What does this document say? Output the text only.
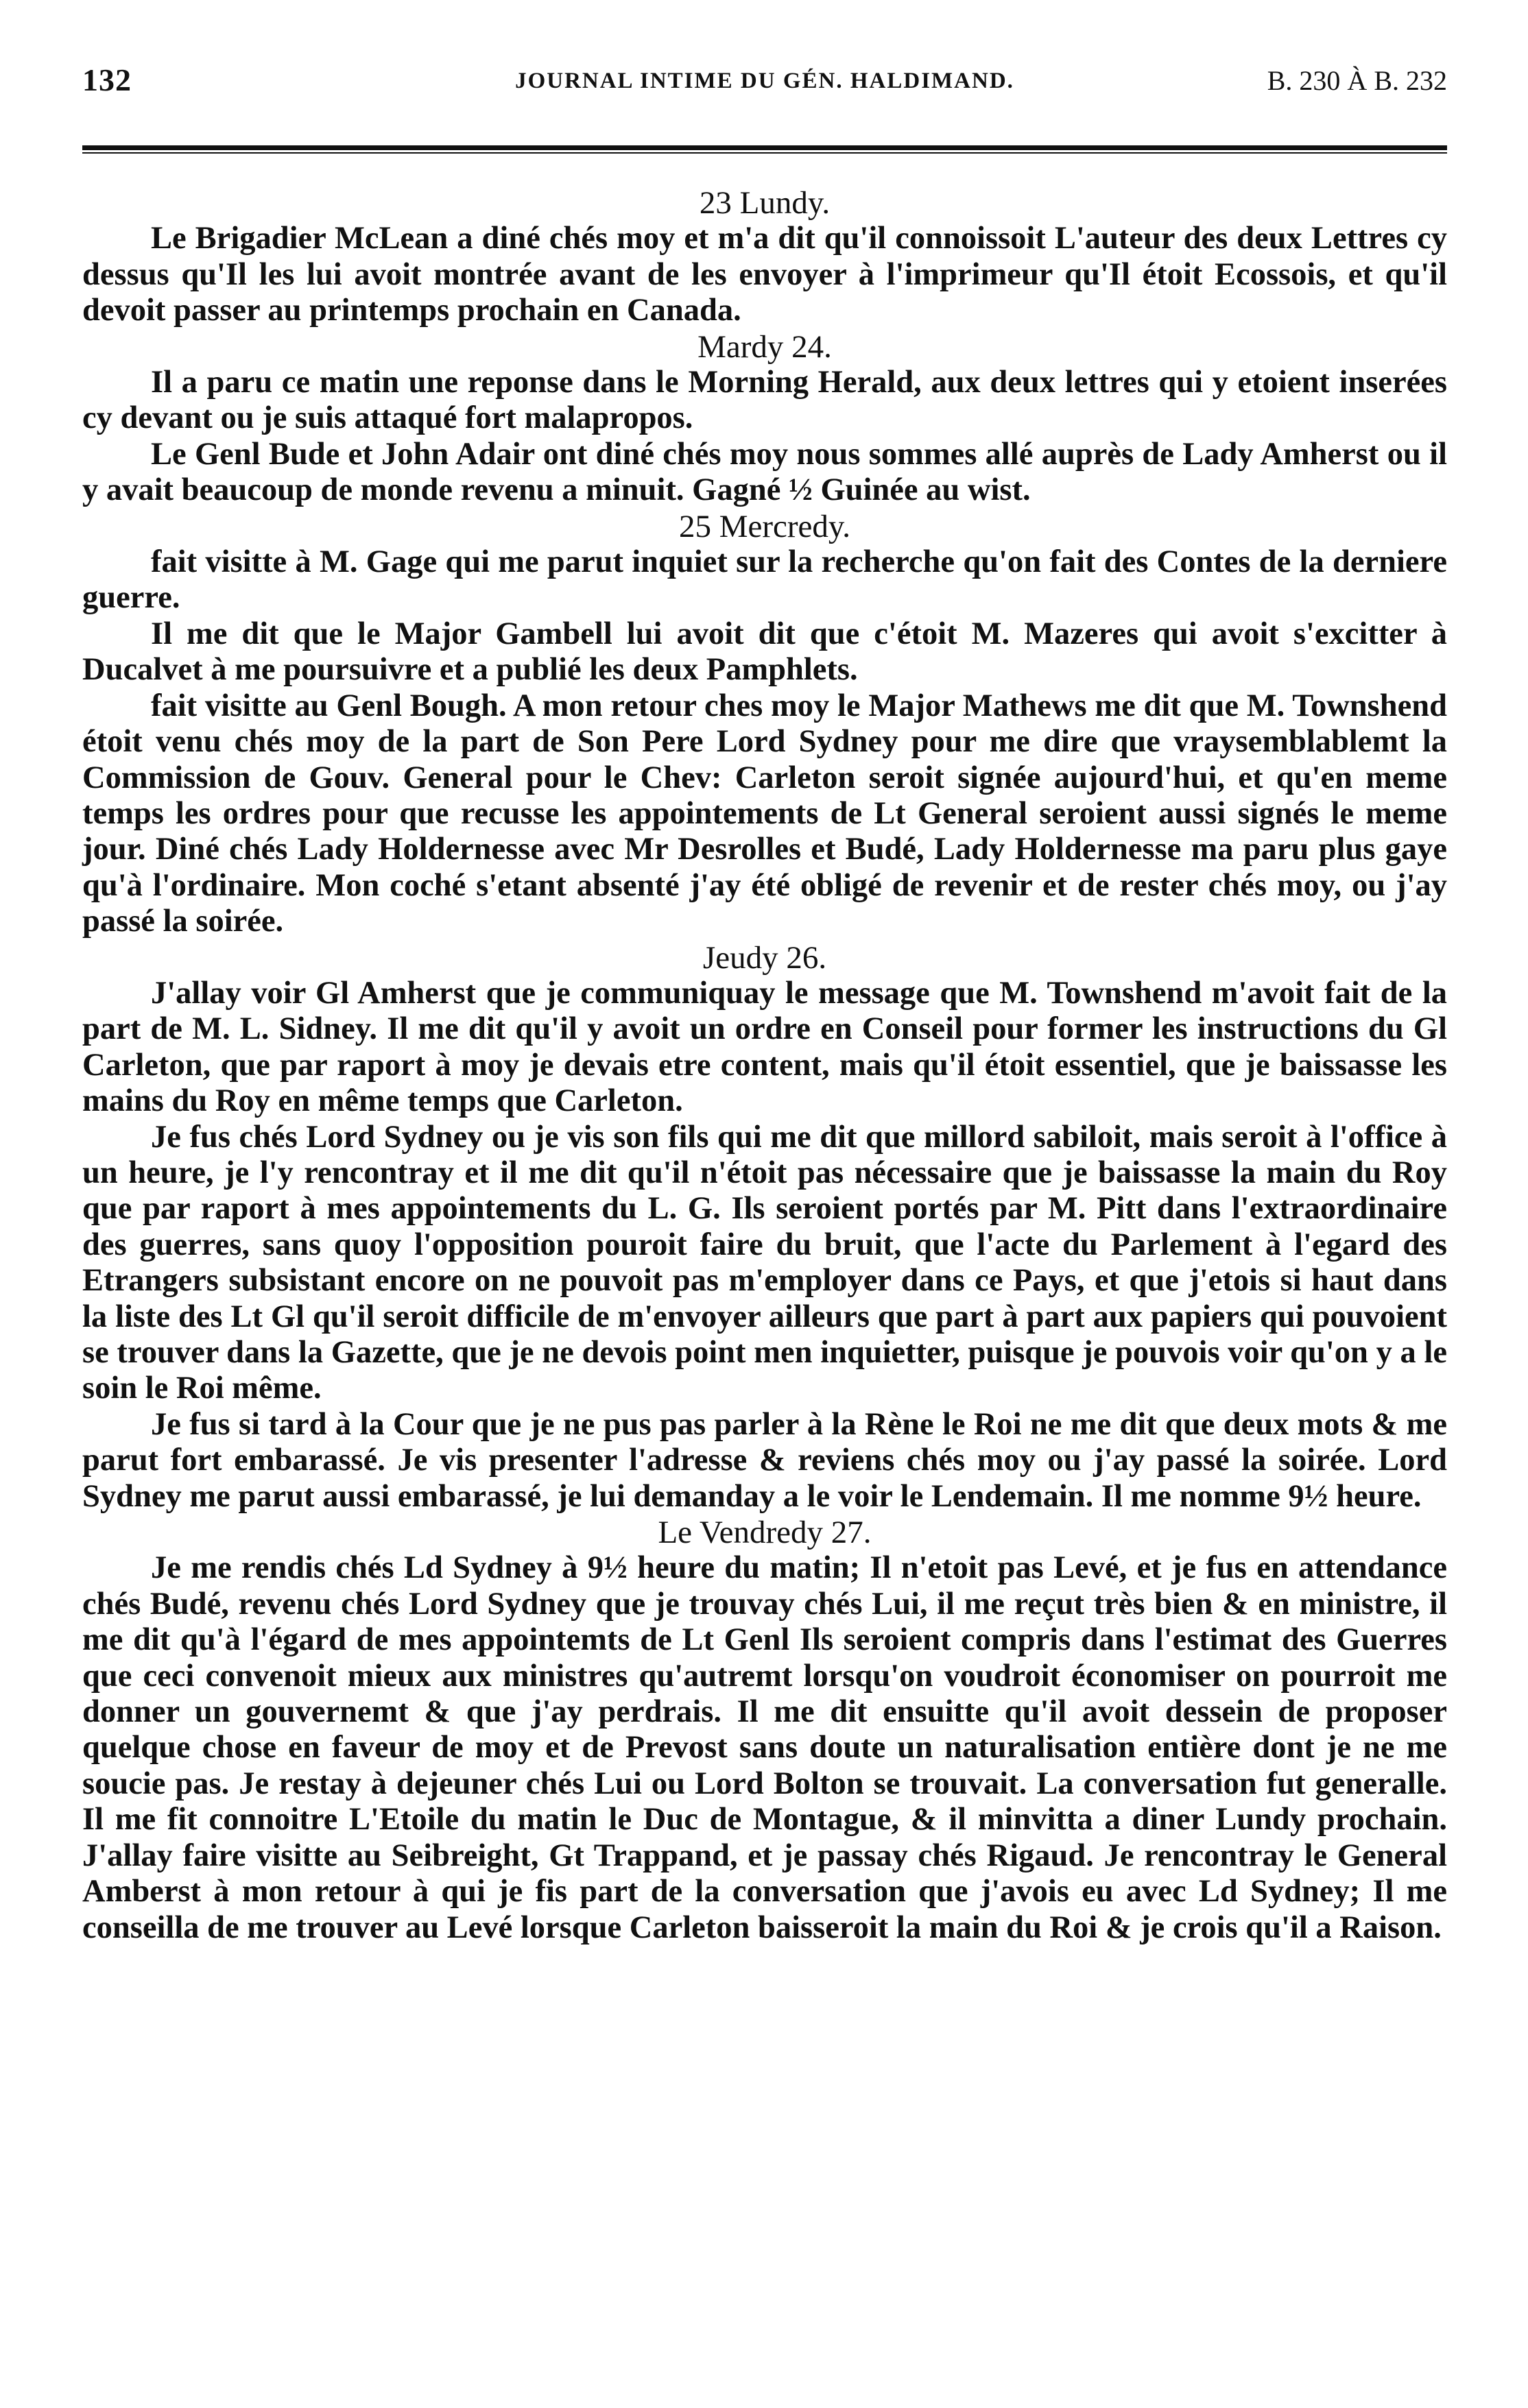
132	JOURNAL INTIME DU GÉN. HALDIMAND.	B. 230 À B. 232

23 Lundy.

Le Brigadier McLean a diné chés moy et m'a dit qu'il connoissoit L'auteur des deux Lettres cy dessus qu'Il les lui avoit montrée avant de les envoyer à l'imprimeur qu'Il étoit Ecossois, et qu'il devoit passer au printemps prochain en Canada.

Mardy 24.

Il a paru ce matin une reponse dans le Morning Herald, aux deux lettres qui y etoient inserées cy devant ou je suis attaqué fort malapropos.

Le Genl Bude et John Adair ont diné chés moy nous sommes allé auprès de Lady Amherst ou il y avait beaucoup de monde revenu a minuit. Gagné ½ Guinée au wist.

25 Mercredy.

fait visitte à M. Gage qui me parut inquiet sur la recherche qu'on fait des Contes de la derniere guerre.

Il me dit que le Major Gambell lui avoit dit que c'étoit M. Mazeres qui avoit s'excitter à Ducalvet à me poursuivre et a publié les deux Pamphlets.

fait visitte au Genl Bough. A mon retour ches moy le Major Mathews me dit que M. Townshend étoit venu chés moy de la part de Son Pere Lord Sydney pour me dire que vraysemblablemt la Commission de Gouv. General pour le Chev: Carleton seroit signée aujourd'hui, et qu'en meme temps les ordres pour que recusse les appointements de Lt General seroient aussi signés le meme jour. Diné chés Lady Holdernesse avec Mr Desrolles et Budé, Lady Holdernesse ma paru plus gaye qu'à l'ordinaire. Mon coché s'etant absenté j'ay été obligé de revenir et de rester chés moy, ou j'ay passé la soirée.

Jeudy 26.

J'allay voir Gl Amherst que je communiquay le message que M. Townshend m'avoit fait de la part de M. L. Sidney. Il me dit qu'il y avoit un ordre en Conseil pour former les instructions du Gl Carleton, que par raport à moy je devais etre content, mais qu'il étoit essentiel, que je baissasse les mains du Roy en même temps que Carleton.

Je fus chés Lord Sydney ou je vis son fils qui me dit que millord sabiloit, mais seroit à l'office à un heure, je l'y rencontray et il me dit qu'il n'étoit pas nécessaire que je baissasse la main du Roy que par raport à mes appointements du L. G. Ils seroient portés par M. Pitt dans l'extraordinaire des guerres, sans quoy l'opposition pouroit faire du bruit, que l'acte du Parlement à l'egard des Etrangers subsistant encore on ne pouvoit pas m'employer dans ce Pays, et que j'etois si haut dans la liste des Lt Gl qu'il seroit difficile de m'envoyer ailleurs que part à part aux papiers qui pouvoient se trouver dans la Gazette, que je ne devois point men inquietter, puisque je pouvois voir qu'on y a le soin le Roi même.

Je fus si tard à la Cour que je ne pus pas parler à la Rène le Roi ne me dit que deux mots & me parut fort embarassé. Je vis presenter l'adresse & reviens chés moy ou j'ay passé la soirée. Lord Sydney me parut aussi embarassé, je lui demanday a le voir le Lendemain. Il me nomme 9½ heure.

Le Vendredy 27.

Je me rendis chés Ld Sydney à 9½ heure du matin; Il n'etoit pas Levé, et je fus en attendance chés Budé, revenu chés Lord Sydney que je trouvay chés Lui, il me reçut très bien & en ministre, il me dit qu'à l'égard de mes appointemts de Lt Genl Ils seroient compris dans l'estimat des Guerres que ceci convenoit mieux aux ministres qu'autremt lorsqu'on voudroit économiser on pourroit me donner un gouvernemt & que j'ay perdrais. Il me dit ensuitte qu'il avoit dessein de proposer quelque chose en faveur de moy et de Prevost sans doute un naturalisation entière dont je ne me soucie pas. Je restay à dejeuner chés Lui ou Lord Bolton se trouvait. La conversation fut generalle. Il me fit connoitre L'Etoile du matin le Duc de Montague, & il minvitta a diner Lundy prochain. J'allay faire visitte au Seibreight, Gt Trappand, et je passay chés Rigaud. Je rencontray le General Amberst à mon retour à qui je fis part de la conversation que j'avois eu avec Ld Sydney; Il me conseilla de me trouver au Levé lorsque Carleton baisseroit la main du Roi & je crois qu'il a Raison.
